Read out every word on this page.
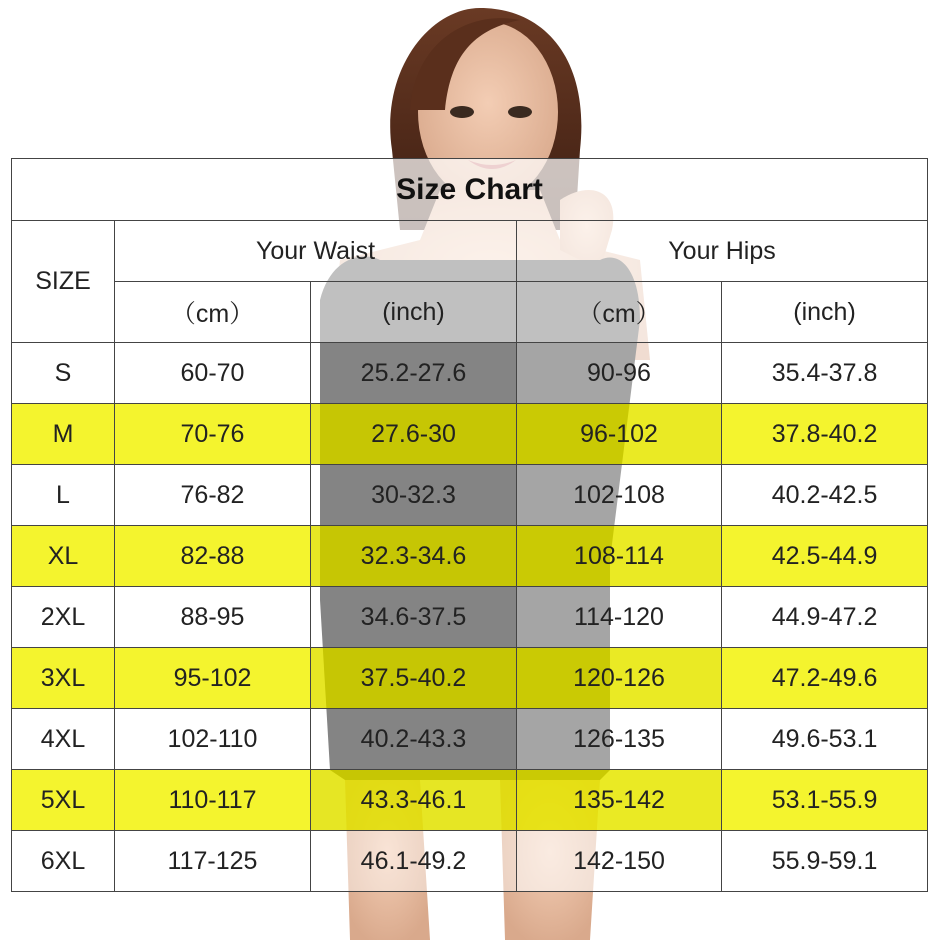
Size Chart				
SIZE	Your Waist		Your Hips	
	（cm）	(inch)	（cm）	(inch)
S	60-70	25.2-27.6	90-96	35.4-37.8
M	70-76	27.6-30	96-102	37.8-40.2
L	76-82	30-32.3	102-108	40.2-42.5
XL	82-88	32.3-34.6	108-114	42.5-44.9
2XL	88-95	34.6-37.5	114-120	44.9-47.2
3XL	95-102	37.5-40.2	120-126	47.2-49.6
4XL	102-110	40.2-43.3	126-135	49.6-53.1
5XL	110-117	43.3-46.1	135-142	53.1-55.9
6XL	117-125	46.1-49.2	142-150	55.9-59.1
